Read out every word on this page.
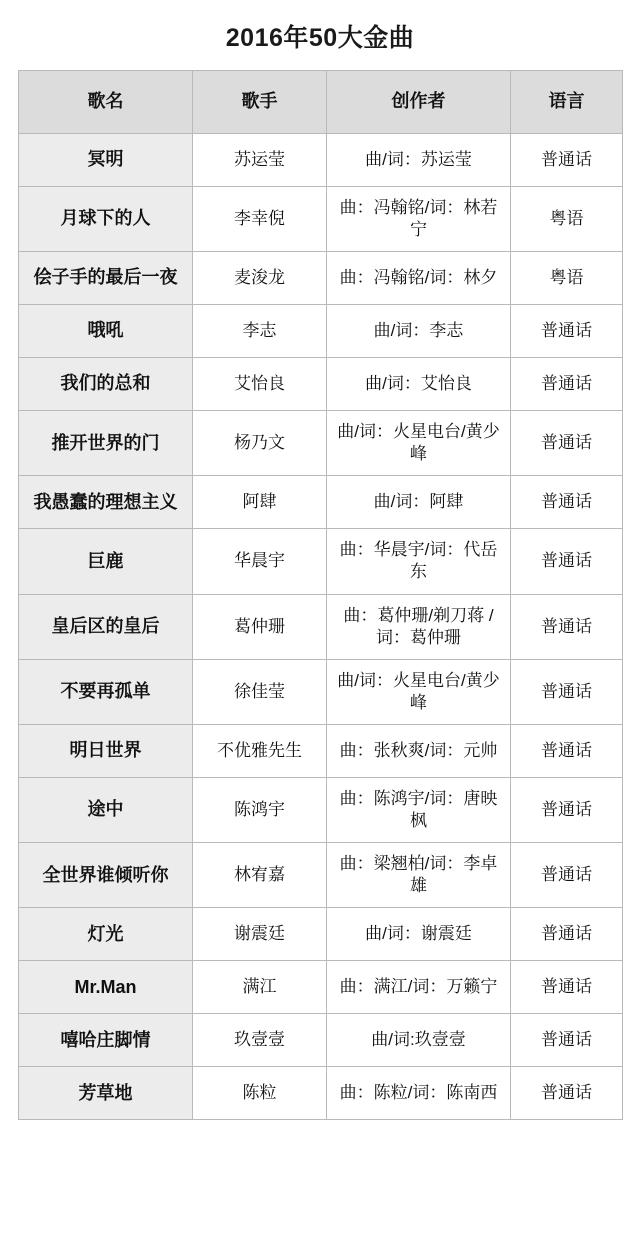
2016年50大金曲
歌名	歌手	创作者	语言
冥明	苏运莹	曲/词：苏运莹	普通话
月球下的人	李幸倪	曲：冯翰铭/词：林若宁	粤语
侩子手的最后一夜	麦浚龙	曲：冯翰铭/词：林夕	粤语
哦吼	李志	曲/词：李志	普通话
我们的总和	艾怡良	曲/词：艾怡良	普通话
推开世界的门	杨乃文	曲/词：火星电台/黄少峰	普通话
我愚蠢的理想主义	阿肆	曲/词：阿肆	普通话
巨鹿	华晨宇	曲：华晨宇/词：代岳东	普通话
皇后区的皇后	葛仲珊	曲：葛仲珊/剃刀蒋 /词：葛仲珊	普通话
不要再孤单	徐佳莹	曲/词：火星电台/黄少峰	普通话
明日世界	不优雅先生	曲：张秋爽/词：元帅	普通话
途中	陈鸿宇	曲：陈鸿宇/词：唐映枫	普通话
全世界谁倾听你	林宥嘉	曲：梁翘柏/词：李卓雄	普通话
灯光	谢震廷	曲/词：谢震廷	普通话
Mr.Man	满江	曲：满江/词：万籁宁	普通话
嘻哈庄脚情	玖壹壹	曲/词:玖壹壹	普通话
芳草地	陈粒	曲：陈粒/词：陈南西	普通话
